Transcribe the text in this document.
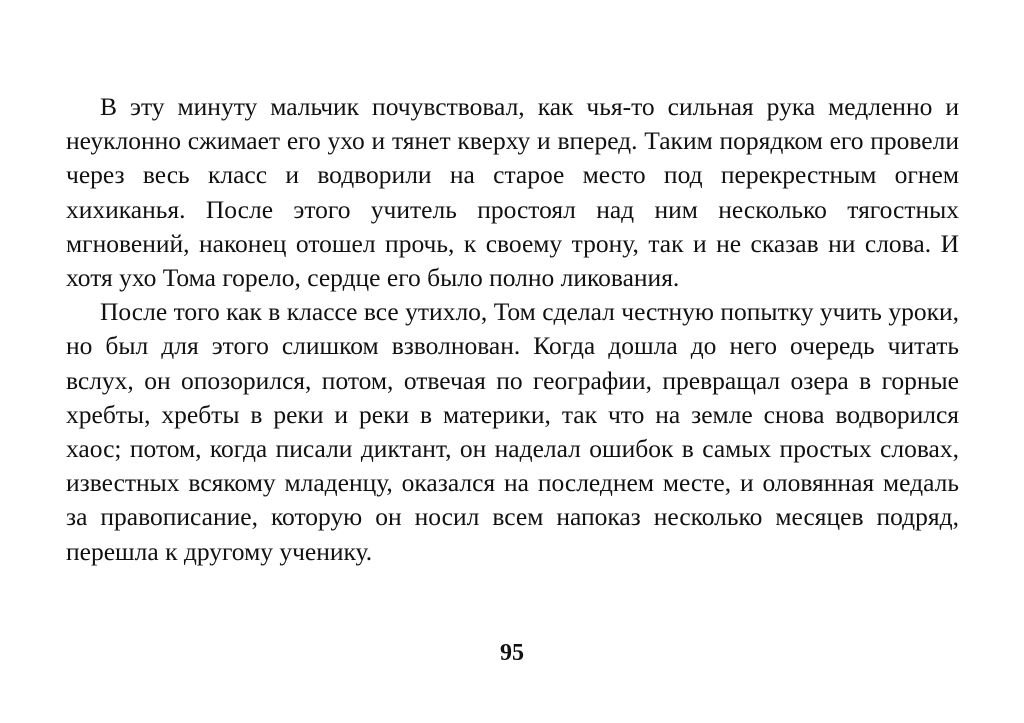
В эту минуту мальчик почувствовал, как чья-то сильная рука медленно и неуклонно сжимает его ухо и тянет кверху и вперед. Таким порядком его провели через весь класс и водворили на старое место под перекрестным огнем хихиканья. После этого учитель простоял над ним несколько тягостных мгновений, наконец отошел прочь, к своему трону, так и не сказав ни слова. И хотя ухо Тома горело, сердце его было полно ликования.

После того как в классе все утихло, Том сделал честную попытку учить уроки, но был для этого слишком взволнован. Когда дошла до него очередь читать вслух, он опозорился, потом, отвечая по географии, превращал озера в горные хребты, хребты в реки и реки в материки, так что на земле снова водворился хаос; потом, когда писали диктант, он наделал ошибок в самых простых словах, известных всякому младенцу, оказался на последнем месте, и оловянная медаль за правописание, которую он носил всем напоказ несколько месяцев подряд, перешла к другому ученику.

95
